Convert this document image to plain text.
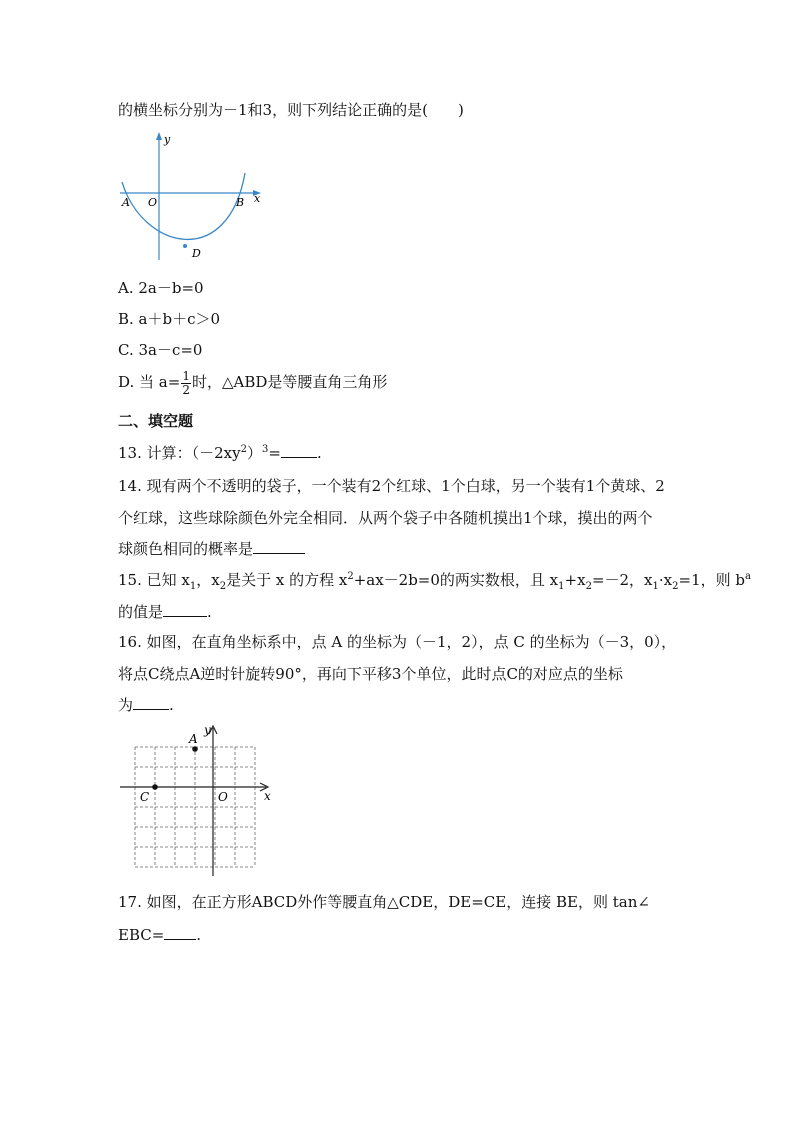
的横坐标分别为－1和3，则下列结论正确的是(　　)
y
x
A O	B
D
A. 2a－b=0
B. a＋b＋c＞0
C. 3a－c=0
D. 当 $a= \frac{1}{2}$ 时，△ABD是等腰直角三角形
二、填空题
13. 计算：$(-2xy^2)^3=$ .
14. 现有两个不透明的袋子，一个装有2个红球、1个白球，另一个装有1个黄球、2
个红球，这些球除颜色外完全相同．从两个袋子中各随机摸出1个球，摸出的两个
球颜色相同的概率是
15. 已知 $x_1$，$x_2$是关于 x 的方程 $x^2+ax-2b=0$的两实数根，且 $x_1+x_2=-2$，$x_1\cdot x_2=1$，则 $b^a$
的值是	.
16. 如图，在直角坐标系中，点 A 的坐标为（－1，2），点 C 的坐标为（－3，0），
将点C绕点A逆时针旋转90°，再向下平移3个单位，此时点C的对应点的坐标
为 .
y
x
A
C	O
17. 如图，在正方形ABCD外作等腰直角△CDE，DE=CE，连接 BE，则 tan∠
EBC= .
